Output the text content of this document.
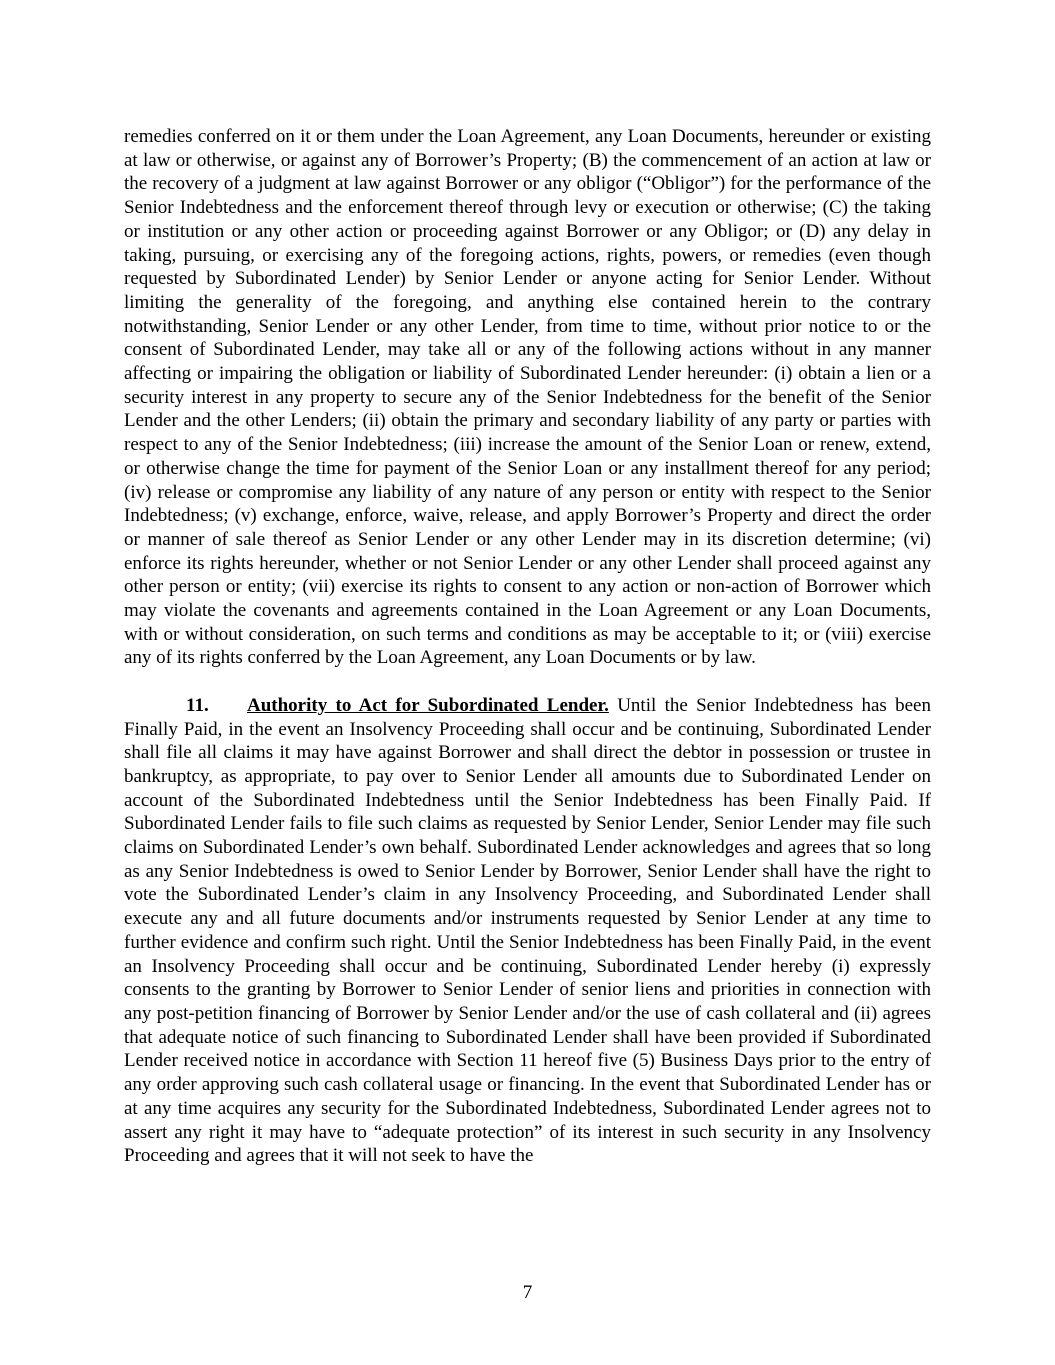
remedies conferred on it or them under the Loan Agreement, any Loan Documents, hereunder or existing at law or otherwise, or against any of Borrower’s Property; (B) the commencement of an action at law or the recovery of a judgment at law against Borrower or any obligor (“Obligor”) for the performance of the Senior Indebtedness and the enforcement thereof through levy or execution or otherwise; (C) the taking or institution or any other action or proceeding against Borrower or any Obligor; or (D) any delay in taking, pursuing, or exercising any of the foregoing actions, rights, powers, or remedies (even though requested by Subordinated Lender) by Senior Lender or anyone acting for Senior Lender. Without limiting the generality of the foregoing, and anything else contained herein to the contrary notwithstanding, Senior Lender or any other Lender, from time to time, without prior notice to or the consent of Subordinated Lender, may take all or any of the following actions without in any manner affecting or impairing the obligation or liability of Subordinated Lender hereunder: (i) obtain a lien or a security interest in any property to secure any of the Senior Indebtedness for the benefit of the Senior Lender and the other Lenders; (ii) obtain the primary and secondary liability of any party or parties with respect to any of the Senior Indebtedness; (iii) increase the amount of the Senior Loan or renew, extend, or otherwise change the time for payment of the Senior Loan or any installment thereof for any period; (iv) release or compromise any liability of any nature of any person or entity with respect to the Senior Indebtedness; (v) exchange, enforce, waive, release, and apply Borrower’s Property and direct the order or manner of sale thereof as Senior Lender or any other Lender may in its discretion determine; (vi) enforce its rights hereunder, whether or not Senior Lender or any other Lender shall proceed against any other person or entity; (vii) exercise its rights to consent to any action or non-action of Borrower which may violate the covenants and agreements contained in the Loan Agreement or any Loan Documents, with or without consideration, on such terms and conditions as may be acceptable to it; or (viii) exercise any of its rights conferred by the Loan Agreement, any Loan Documents or by law.

11. Authority to Act for Subordinated Lender. Until the Senior Indebtedness has been Finally Paid, in the event an Insolvency Proceeding shall occur and be continuing, Subordinated Lender shall file all claims it may have against Borrower and shall direct the debtor in possession or trustee in bankruptcy, as appropriate, to pay over to Senior Lender all amounts due to Subordinated Lender on account of the Subordinated Indebtedness until the Senior Indebtedness has been Finally Paid. If Subordinated Lender fails to file such claims as requested by Senior Lender, Senior Lender may file such claims on Subordinated Lender’s own behalf. Subordinated Lender acknowledges and agrees that so long as any Senior Indebtedness is owed to Senior Lender by Borrower, Senior Lender shall have the right to vote the Subordinated Lender’s claim in any Insolvency Proceeding, and Subordinated Lender shall execute any and all future documents and/or instruments requested by Senior Lender at any time to further evidence and confirm such right. Until the Senior Indebtedness has been Finally Paid, in the event an Insolvency Proceeding shall occur and be continuing, Subordinated Lender hereby (i) expressly consents to the granting by Borrower to Senior Lender of senior liens and priorities in connection with any post-petition financing of Borrower by Senior Lender and/or the use of cash collateral and (ii) agrees that adequate notice of such financing to Subordinated Lender shall have been provided if Subordinated Lender received notice in accordance with Section 11 hereof five (5) Business Days prior to the entry of any order approving such cash collateral usage or financing. In the event that Subordinated Lender has or at any time acquires any security for the Subordinated Indebtedness, Subordinated Lender agrees not to assert any right it may have to “adequate protection” of its interest in such security in any Insolvency Proceeding and agrees that it will not seek to have the

7
